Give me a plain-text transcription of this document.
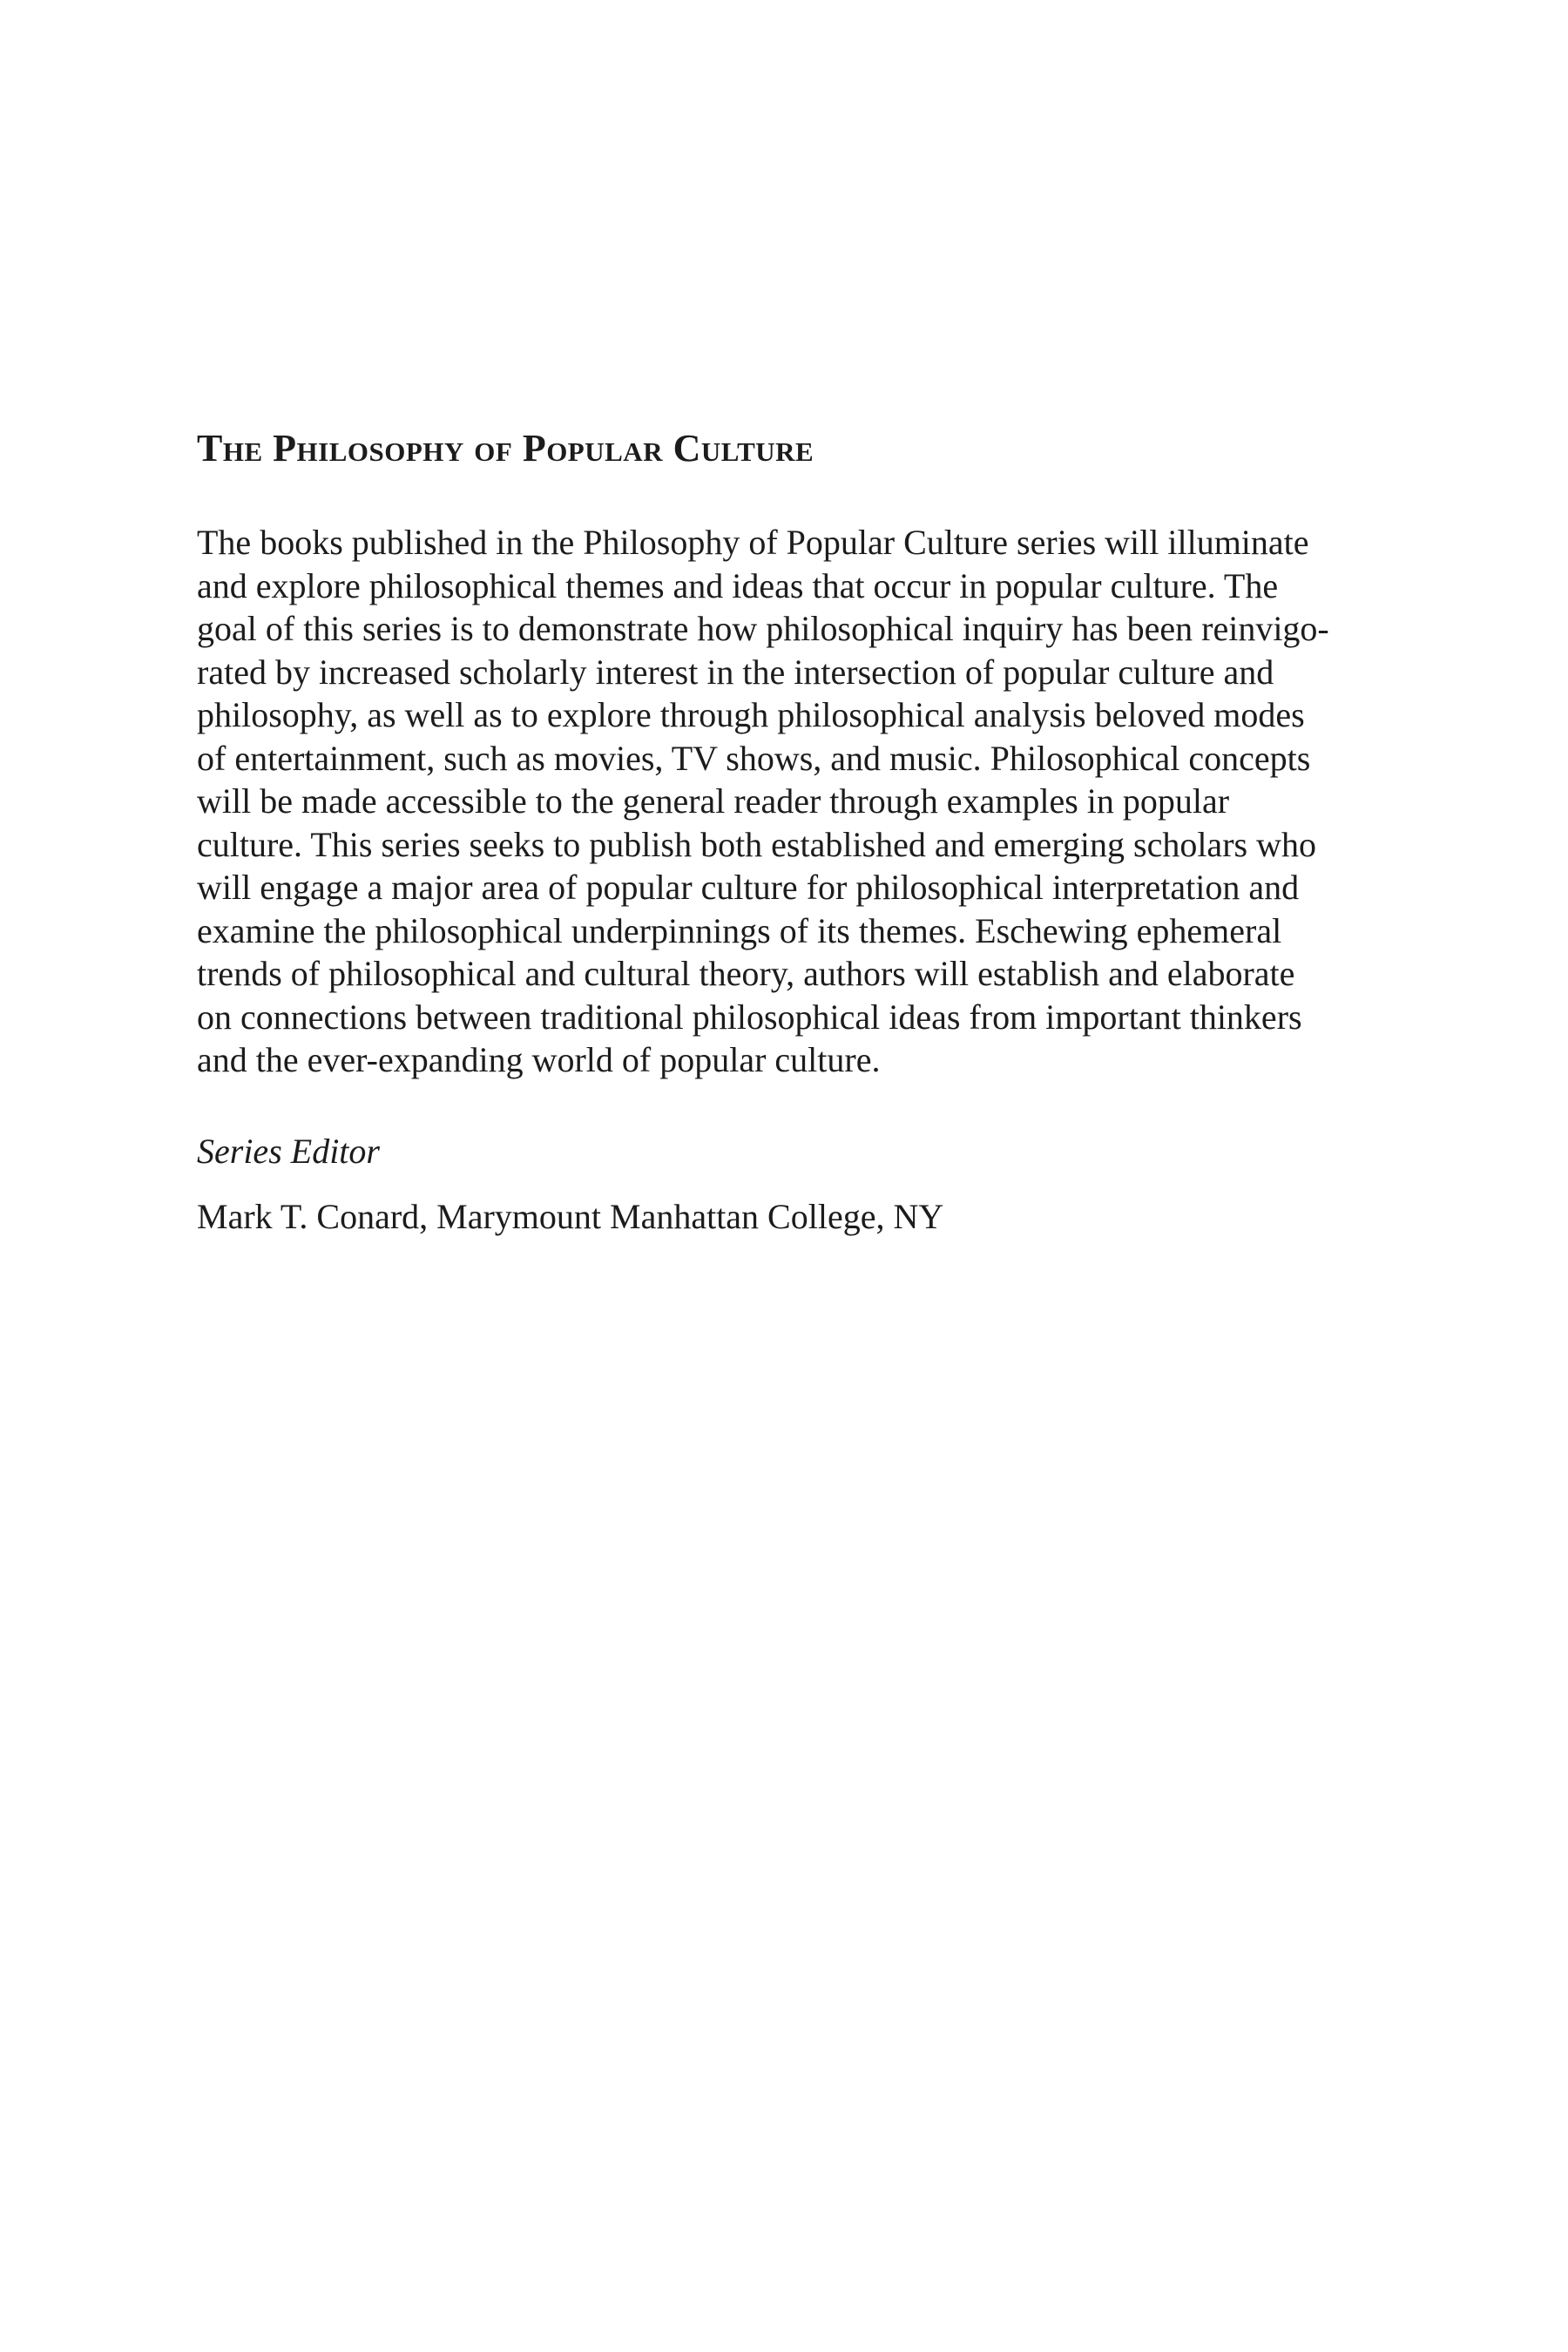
The Philosophy of Popular Culture
The books published in the Philosophy of Popular Culture series will illuminate
and explore philosophical themes and ideas that occur in popular culture. The
goal of this series is to demonstrate how philosophical inquiry has been reinvigo-
rated by increased scholarly interest in the intersection of popular culture and
philosophy, as well as to explore through philosophical analysis beloved modes
of entertainment, such as movies, TV shows, and music. Philosophical concepts
will be made accessible to the general reader through examples in popular
culture. This series seeks to publish both established and emerging scholars who
will engage a major area of popular culture for philosophical interpretation and
examine the philosophical underpinnings of its themes. Eschewing ephemeral
trends of philosophical and cultural theory, authors will establish and elaborate
on connections between traditional philosophical ideas from important thinkers
and the ever-expanding world of popular culture.

Series Editor

Mark T. Conard, Marymount Manhattan College, NY
